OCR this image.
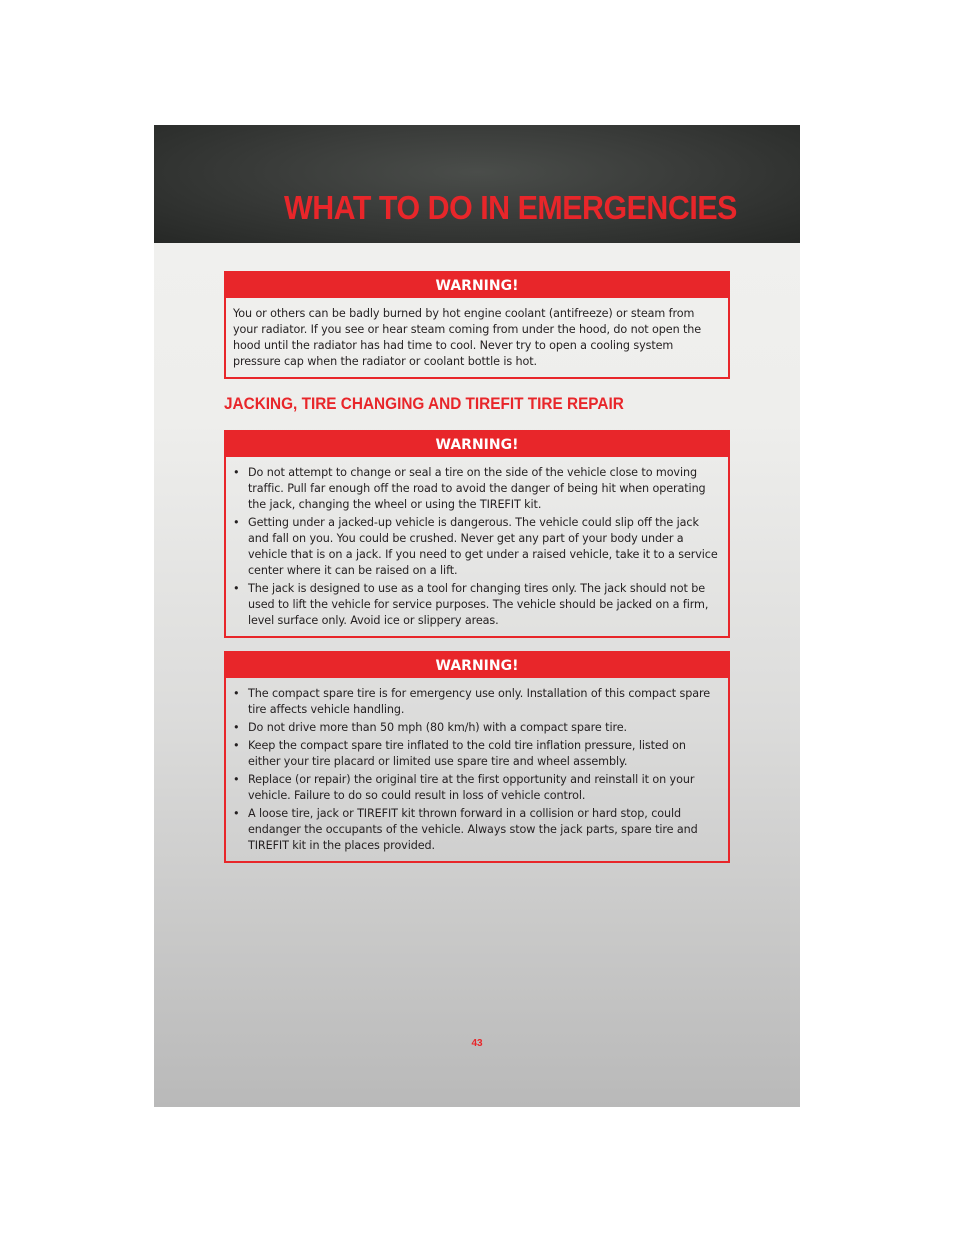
WHAT TO DO IN EMERGENCIES
WARNING!
You or others can be badly burned by hot engine coolant (antifreeze) or steam from your radiator. If you see or hear steam coming from under the hood, do not open the hood until the radiator has had time to cool. Never try to open a cooling system pressure cap when the radiator or coolant bottle is hot.
JACKING, TIRE CHANGING AND TIREFIT TIRE REPAIR
WARNING!
• Do not attempt to change or seal a tire on the side of the vehicle close to moving traffic. Pull far enough off the road to avoid the danger of being hit when operating the jack, changing the wheel or using the TIREFIT kit.
• Getting under a jacked-up vehicle is dangerous. The vehicle could slip off the jack and fall on you. You could be crushed. Never get any part of your body under a vehicle that is on a jack. If you need to get under a raised vehicle, take it to a service center where it can be raised on a lift.
• The jack is designed to use as a tool for changing tires only. The jack should not be used to lift the vehicle for service purposes. The vehicle should be jacked on a firm, level surface only. Avoid ice or slippery areas.
WARNING!
• The compact spare tire is for emergency use only. Installation of this compact spare tire affects vehicle handling.
• Do not drive more than 50 mph (80 km/h) with a compact spare tire.
• Keep the compact spare tire inflated to the cold tire inflation pressure, listed on either your tire placard or limited use spare tire and wheel assembly.
• Replace (or repair) the original tire at the first opportunity and reinstall it on your vehicle. Failure to do so could result in loss of vehicle control.
• A loose tire, jack or TIREFIT kit thrown forward in a collision or hard stop, could endanger the occupants of the vehicle. Always stow the jack parts, spare tire and TIREFIT kit in the places provided.
43
